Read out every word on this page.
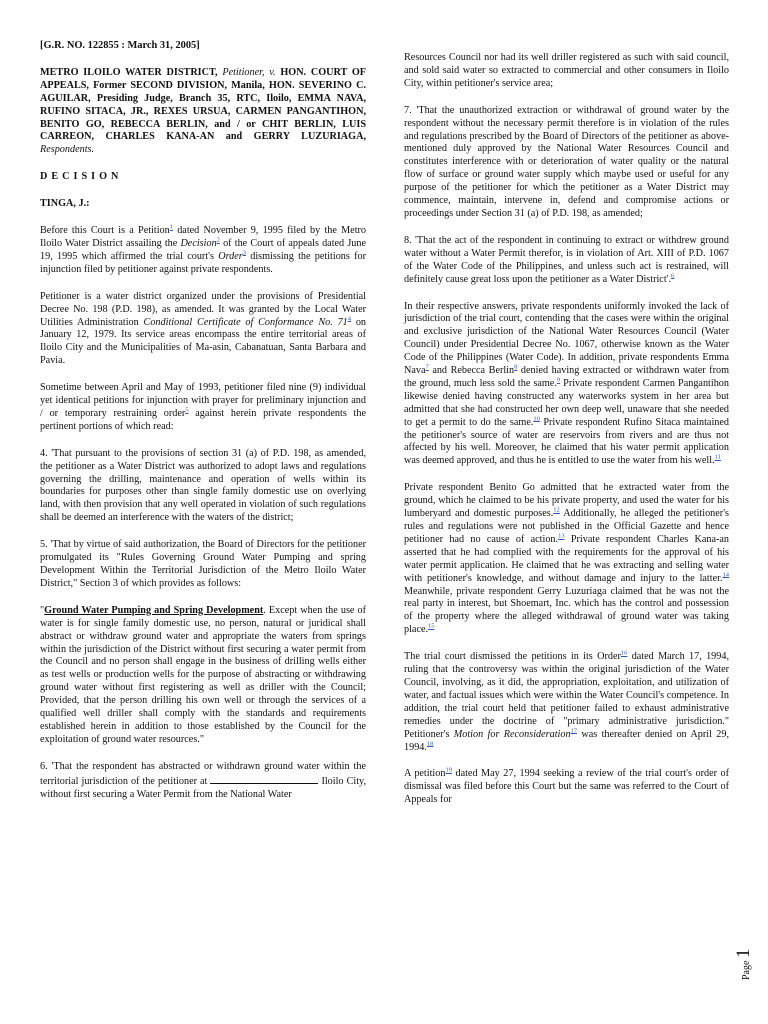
[G.R. NO. 122855 : March 31, 2005]

METRO ILOILO WATER DISTRICT, Petitioner, v. HON. COURT OF APPEALS, Former SECOND DIVISION, Manila, HON. SEVERINO C. AGUILAR, Presiding Judge, Branch 35, RTC, Iloilo, EMMA NAVA, RUFINO SITACA, JR., REXES URSUA, CARMEN PANGANTIHON, BENITO GO, REBECCA BERLIN, and / or CHIT BERLIN, LUIS CARREON, CHARLES KANA-AN and GERRY LUZURIAGA, Respondents.

DECISION

TINGA, J.:

Before this Court is a Petition$^1$ dated November 9, 1995 filed by the Metro Iloilo Water District assailing the Decision$^2$ of the Court of appeals dated June 19, 1995 which affirmed the trial court's Order$^3$ dismissing the petitions for injunction filed by petitioner against private respondents.

Petitioner is a water district organized under the provisions of Presidential Decree No. 198 (P.D. 198), as amended. It was granted by the Local Water Utilities Administration Conditional Certificate of Conformance No. $71^4$ on January 12, 1979. Its service areas encompass the entire territorial areas of Iloilo City and the Municipalities of Ma-asin, Cabanatuan, Santa Barbara and Pavia.

Sometime between April and May of 1993, petitioner filed nine (9) individual yet identical petitions for injunction with prayer for preliminary injunction and / or temporary restraining order$^5$ against herein private respondents the pertinent portions of which read:

4. 'That pursuant to the provisions of section 31 (a) of P.D. 198, as amended, the petitioner as a Water District was authorized to adopt laws and regulations governing the drilling, maintenance and operation of wells within its boundaries for purposes other than single family domestic use on overlying land, with then provision that any well operated in violation of such regulations shall be deemed an interference with the waters of the district;

5. 'That by virtue of said authorization, the Board of Directors for the petitioner promulgated its "Rules Governing Ground Water Pumping and spring Development Within the Territorial Jurisdiction of the Metro Iloilo Water District," Section 3 of which provides as follows:

"Ground Water Pumping and Spring Development. Except when the use of water is for single family domestic use, no person, natural or juridical shall abstract or withdraw ground water and appropriate the waters from springs within the jurisdiction of the District without first securing a water permit from the Council and no person shall engage in the business of drilling wells either as test wells or production wells for the purpose of abstracting or withdrawing ground water without first registering as well as driller with the Council; Provided, that the person drilling his own well or through the services of a qualified well driller shall comply with the standards and requirements established herein in addition to those established by the Council for the exploitation of ground water resources."

6. 'That the respondent has abstracted or withdrawn ground water within the territorial jurisdiction of the petitioner at	Iloilo City, without first securing a Water Permit from the National Water

Resources Council nor had its well driller registered as such with said council, and sold said water so extracted to commercial and other consumers in Iloilo City, within petitioner's service area;

7. 'That the unauthorized extraction or withdrawal of ground water by the respondent without the necessary permit therefore is in violation of the rules and regulations prescribed by the Board of Directors of the petitioner as above-mentioned duly approved by the National Water Resources Council and constitutes interference with or deterioration of water quality or the natural flow of surface or ground water supply which maybe used or useful for any purpose of the petitioner for which the petitioner as a Water District may commence, maintain, intervene in, defend and compromise actions or proceedings under Section 31 (a) of P.D. 198, as amended;

8. 'That the act of the respondent in continuing to extract or withdrew ground water without a Water Permit therefor, is in violation of Art. XIII of P.D. 1067 of the Water Code of the Philippines, and unless such act is restrained, will definitely cause great loss upon the petitioner as a Water District'.$^6$

In their respective answers, private respondents uniformly invoked the lack of jurisdiction of the trial court, contending that the cases were within the original and exclusive jurisdiction of the National Water Resources Council (Water Council) under Presidential Decree No. 1067, otherwise known as the Water Code of the Philippines (Water Code). In addition, private respondents Emma Nava$^7$ and Rebecca Berlin$^8$ denied having extracted or withdrawn water from the ground, much less sold the same.$^9$ Private respondent Carmen Pangantihon likewise denied having constructed any waterworks system in her area but admitted that she had constructed her own deep well, unaware that she needed to get a permit to do the same.$^{10}$ Private respondent Rufino Sitaca maintained the petitioner's source of water are reservoirs from rivers and are thus not affected by his well. Moreover, he claimed that his water permit application was deemed approved, and thus he is entitled to use the water from his well.$^{11}$

Private respondent Benito Go admitted that he extracted water from the ground, which he claimed to be his private property, and used the water for his lumberyard and domestic purposes.$^{12}$ Additionally, he alleged the petitioner's rules and regulations were not published in the Official Gazette and hence petitioner had no cause of action.$^{13}$ Private respondent Charles Kana-an asserted that he had complied with the requirements for the approval of his water permit application. He claimed that he was extracting and selling water with petitioner's knowledge, and without damage and injury to the latter.$^{14}$ Meanwhile, private respondent Gerry Luzuriaga claimed that he was not the real party in interest, but Shoemart, Inc. which has the control and possession of the property where the alleged withdrawal of ground water was taking place.$^{15}$

The trial court dismissed the petitions in its Order$^{16}$ dated March 17, 1994, ruling that the controversy was within the original jurisdiction of the Water Council, involving, as it did, the appropriation, exploitation, and utilization of water, and factual issues which were within the Water Council's competence. In addition, the trial court held that petitioner failed to exhaust administrative remedies under the doctrine of "primary administrative jurisdiction." Petitioner's Motion for Reconsideration$^{17}$ was thereafter denied on April 29, 1994.18

A petition$^{19}$ dated May 27, 1994 seeking a review of the trial court's order of dismissal was filed before this Court but the same was referred to the Court of Appeals for

Page 1
